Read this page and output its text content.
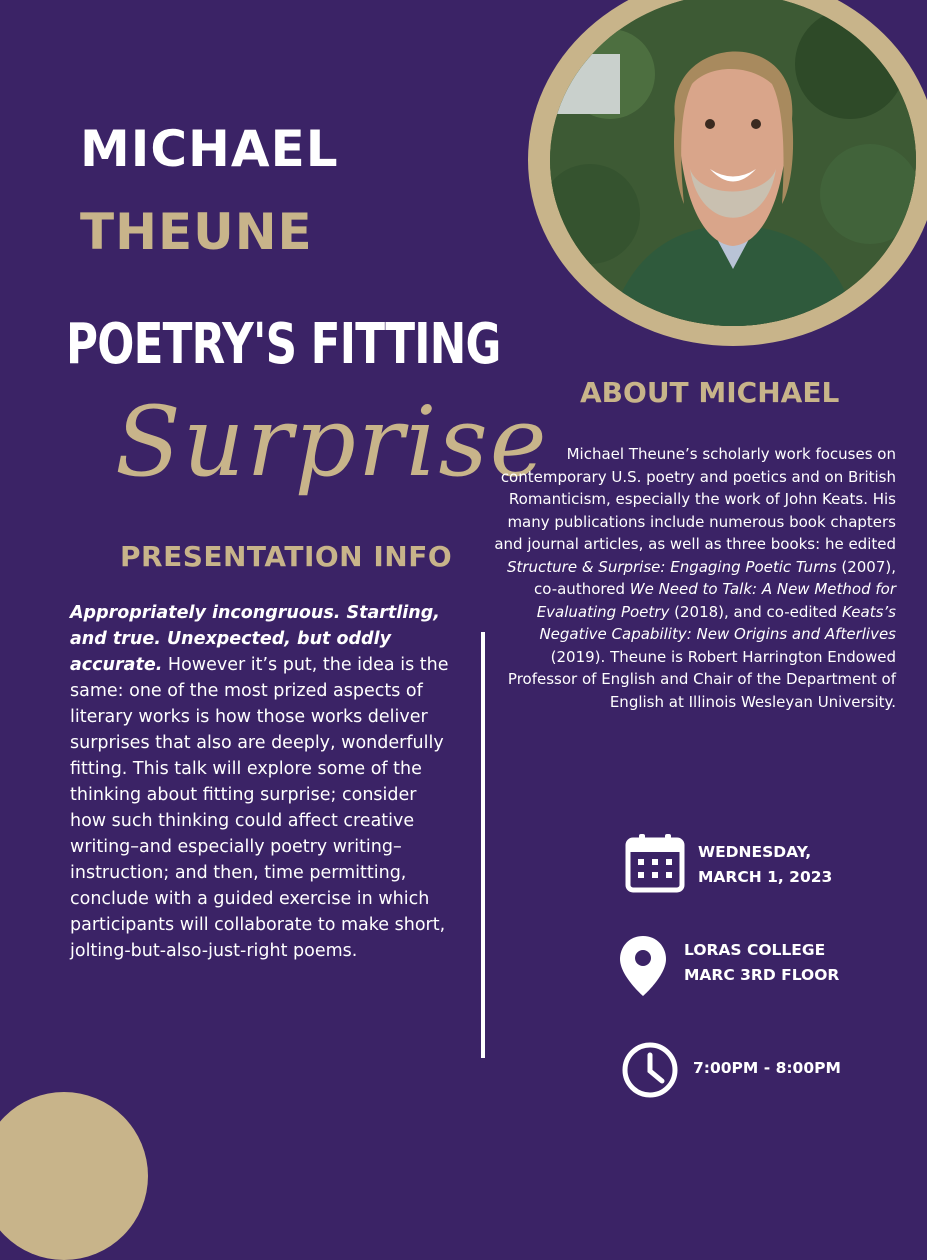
MICHAEL
THEUNE
POETRY'S FITTING
Surprise
PRESENTATION INFO
Appropriately incongruous. Startling, and true. Unexpected, but oddly accurate. However it’s put, the idea is the same: one of the most prized aspects of literary works is how those works deliver surprises that also are deeply, wonderfully fitting. This talk will explore some of the thinking about fitting surprise; consider how such thinking could affect creative writing–and especially poetry writing–instruction; and then, time permitting, conclude with a guided exercise in which participants will collaborate to make short, jolting-but-also-just-right poems.
ABOUT MICHAEL
Michael Theune’s scholarly work focuses on contemporary U.S. poetry and poetics and on British Romanticism, especially the work of John Keats. His many publications include numerous book chapters and journal articles, as well as three books: he edited Structure & Surprise: Engaging Poetic Turns (2007), co-authored We Need to Talk: A New Method for Evaluating Poetry (2018), and co-edited Keats’s Negative Capability: New Origins and Afterlives (2019). Theune is Robert Harrington Endowed Professor of English and Chair of the Department of English at Illinois Wesleyan University.
WEDNESDAY,
MARCH 1, 2023
LORAS COLLEGE
MARC 3RD FLOOR
7:00PM - 8:00PM
